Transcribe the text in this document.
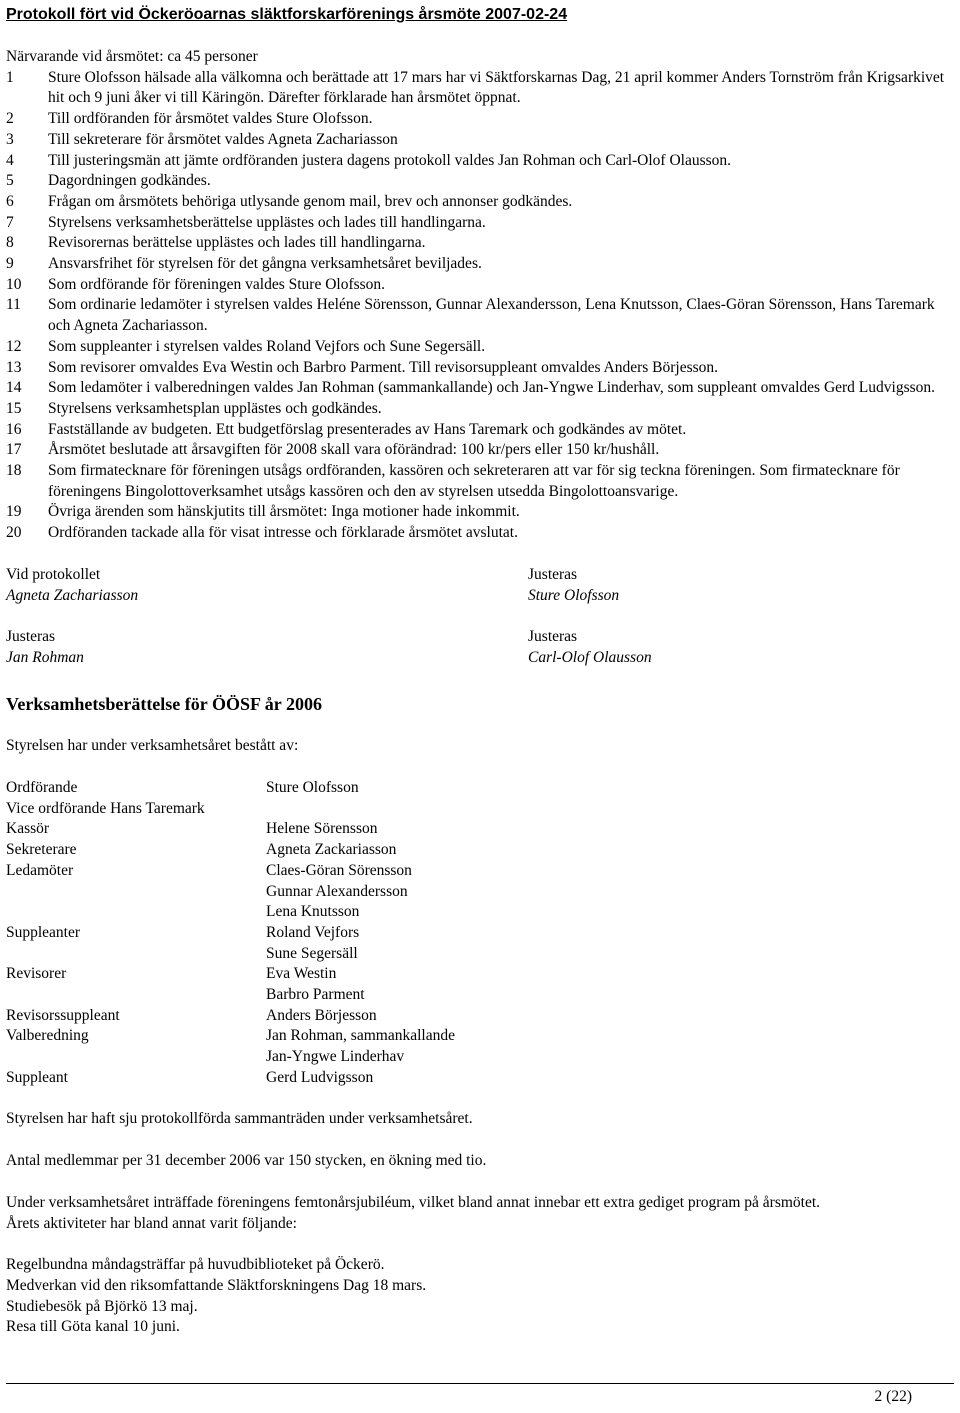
Protokoll fört vid Öckeröoarnas släktforskarförenings årsmöte 2007-02-24
Närvarande vid årsmötet: ca 45 personer
1	Sture Olofsson hälsade alla välkomna och berättade att 17 mars har vi Säktforskarnas Dag, 21 april kommer Anders Tornström från Krigsarkivet hit och 9 juni åker vi till Käringön. Därefter förklarade han årsmötet öppnat.
2	Till ordföranden för årsmötet valdes Sture Olofsson.
3	Till sekreterare för årsmötet valdes Agneta Zachariasson
4	Till justeringsmän att jämte ordföranden justera dagens protokoll valdes Jan Rohman och Carl-Olof Olausson.
5	Dagordningen godkändes.
6	Frågan om årsmötets behöriga utlysande genom mail, brev och annonser godkändes.
7	Styrelsens verksamhetsberättelse upplästes och lades till handlingarna.
8	Revisorernas berättelse upplästes och lades till handlingarna.
9	Ansvarsfrihet för styrelsen för det gångna verksamhetsåret beviljades.
10	Som ordförande för föreningen valdes Sture Olofsson.
11	Som ordinarie ledamöter i styrelsen valdes Heléne Sörensson, Gunnar Alexandersson, Lena Knutsson, Claes-Göran Sörensson, Hans Taremark och Agneta Zachariasson.
12	Som suppleanter i styrelsen valdes Roland Vejfors och Sune Segersäll.
13	Som revisorer omvaldes Eva Westin och Barbro Parment. Till revisorsuppleant omvaldes Anders Börjesson.
14	Som ledamöter i valberedningen valdes Jan Rohman (sammankallande) och Jan-Yngwe Linderhav, som suppleant omvaldes Gerd Ludvigsson.
15	Styrelsens verksamhetsplan upplästes och godkändes.
16	Fastställande av budgeten. Ett budgetförslag presenterades av Hans Taremark och godkändes av mötet.
17	Årsmötet beslutade att årsavgiften för 2008 skall vara oförändrad: 100 kr/pers eller 150 kr/hushåll.
18	Som firmatecknare för föreningen utsågs ordföranden, kassören och sekreteraren att var för sig teckna föreningen. Som firmatecknare för föreningens Bingolottoverksamhet utsågs kassören och den av styrelsen utsedda Bingolottoansvarige.
19	Övriga ärenden som hänskjutits till årsmötet: Inga motioner hade inkommit.
20	Ordföranden tackade alla för visat intresse och förklarade årsmötet avslutat.
Vid protokollet
Agneta Zachariasson
Justeras
Jan Rohman
Justeras
Sture Olofsson
Justeras
Carl-Olof Olausson
Verksamhetsberättelse för ÖÖSF år 2006
Styrelsen har under verksamhetsåret bestått av:
Ordförande	Sture Olofsson
Vice ordförande Hans Taremark
Kassör	Helene Sörensson
Sekreterare	Agneta Zackariasson
Ledamöter	Claes-Göran Sörensson
Gunnar Alexandersson
Lena Knutsson
Suppleanter	Roland Vejfors
Sune Segersäll
Revisorer	Eva Westin
Barbro Parment
Revisorssuppleant	Anders Börjesson
Valberedning	Jan Rohman, sammankallande
Jan-Yngwe Linderhav
Suppleant	Gerd Ludvigsson
Styrelsen har haft sju protokollförda sammanträden under verksamhetsåret.
Antal medlemmar per 31 december 2006 var 150 stycken, en ökning med tio.
Under verksamhetsåret inträffade föreningens femtonårsjubiléum, vilket bland annat innebar ett extra gediget program på årsmötet.
Årets aktiviteter har bland annat varit följande:
Regelbundna måndagsträffar på huvudbiblioteket på Öckerö.
Medverkan vid den riksomfattande Släktforskningens Dag 18 mars.
Studiebesök på Björkö 13 maj.
Resa till Göta kanal 10 juni.
2 (22)
